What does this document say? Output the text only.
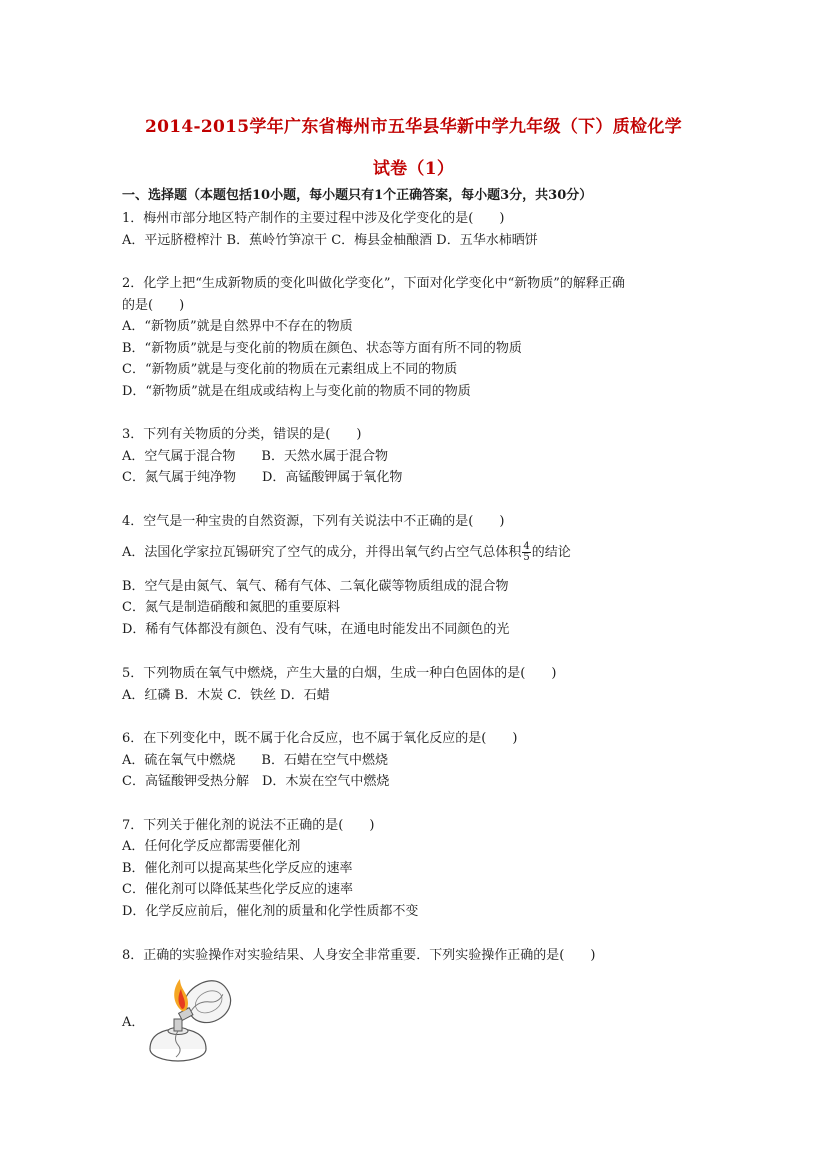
2014-2015学年广东省梅州市五华县华新中学九年级（下）质检化学
试卷（1）
一、选择题（本题包括10小题，每小题只有1个正确答案，每小题3分，共30分）
1．梅州市部分地区特产制作的主要过程中涉及化学变化的是(　　)
A．平远脐橙榨汁 B．蕉岭竹笋凉干 C．梅县金柚酿酒 D．五华水柿晒饼
2．化学上把“生成新物质的变化叫做化学变化”，下面对化学变化中“新物质”的解释正确
的是(　　)
A．“新物质”就是自然界中不存在的物质
B．“新物质”就是与变化前的物质在颜色、状态等方面有所不同的物质
C．“新物质”就是与变化前的物质在元素组成上不同的物质
D．“新物质”就是在组成或结构上与变化前的物质不同的物质
3．下列有关物质的分类，错误的是(　　)
A．空气属于混合物　　B．天然水属于混合物
C．氮气属于纯净物　　D．高锰酸钾属于氧化物
4．空气是一种宝贵的自然资源，下列有关说法中不正确的是(　　)
A．法国化学家拉瓦锡研究了空气的成分，并得出氧气约占空气总体积 $\frac{4}{5}$ 的结论
B．空气是由氮气、氧气、稀有气体、二氧化碳等物质组成的混合物
C．氮气是制造硝酸和氮肥的重要原料
D．稀有气体都没有颜色、没有气味，在通电时能发出不同颜色的光
5．下列物质在氧气中燃烧，产生大量的白烟，生成一种白色固体的是(　　)
A．红磷 B．木炭 C．铁丝 D．石蜡
6．在下列变化中，既不属于化合反应，也不属于氧化反应的是(　　)
A．硫在氧气中燃烧　　B．石蜡在空气中燃烧
C．高锰酸钾受热分解　D．木炭在空气中燃烧
7．下列关于催化剂的说法不正确的是(　　)
A．任何化学反应都需要催化剂
B．催化剂可以提高某些化学反应的速率
C．催化剂可以降低某些化学反应的速率
D．化学反应前后，催化剂的质量和化学性质都不变
8．正确的实验操作对实验结果、人身安全非常重要．下列实验操作正确的是(　　)
A．
